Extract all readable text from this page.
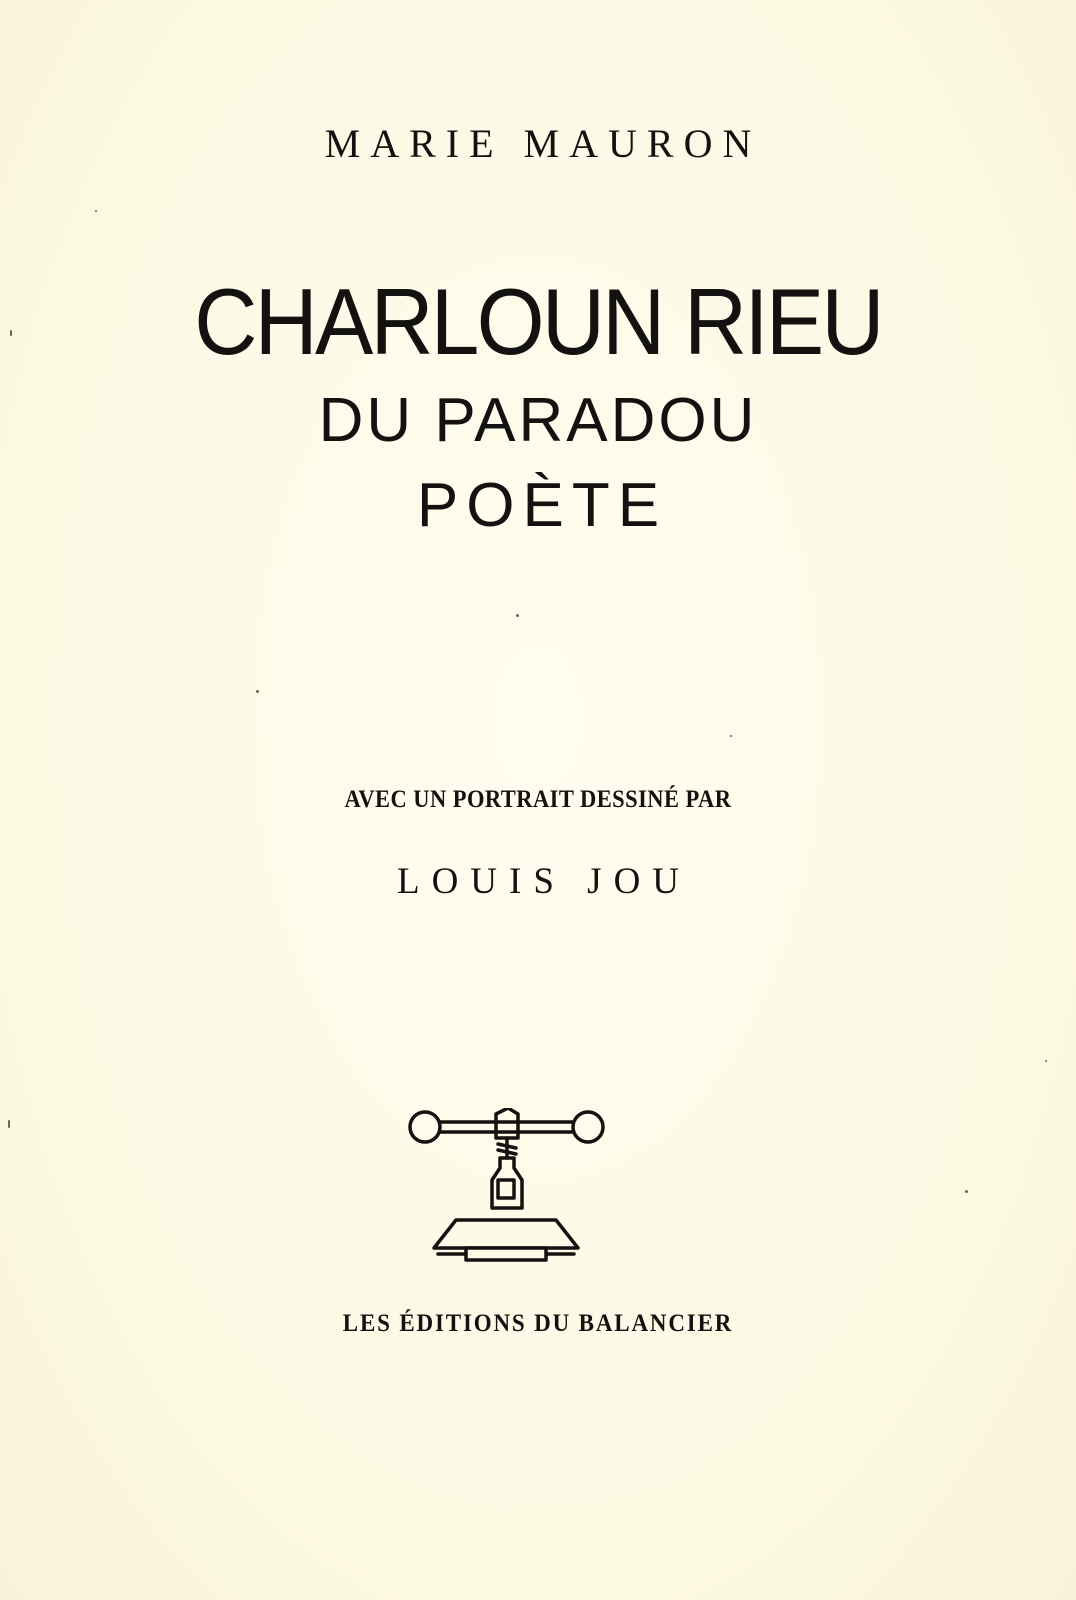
MARIE MAURON
CHARLOUN RIEU
DU PARADOU
POÈTE
AVEC UN PORTRAIT DESSINÉ PAR
LOUIS JOU
LES ÉDITIONS DU BALANCIER
